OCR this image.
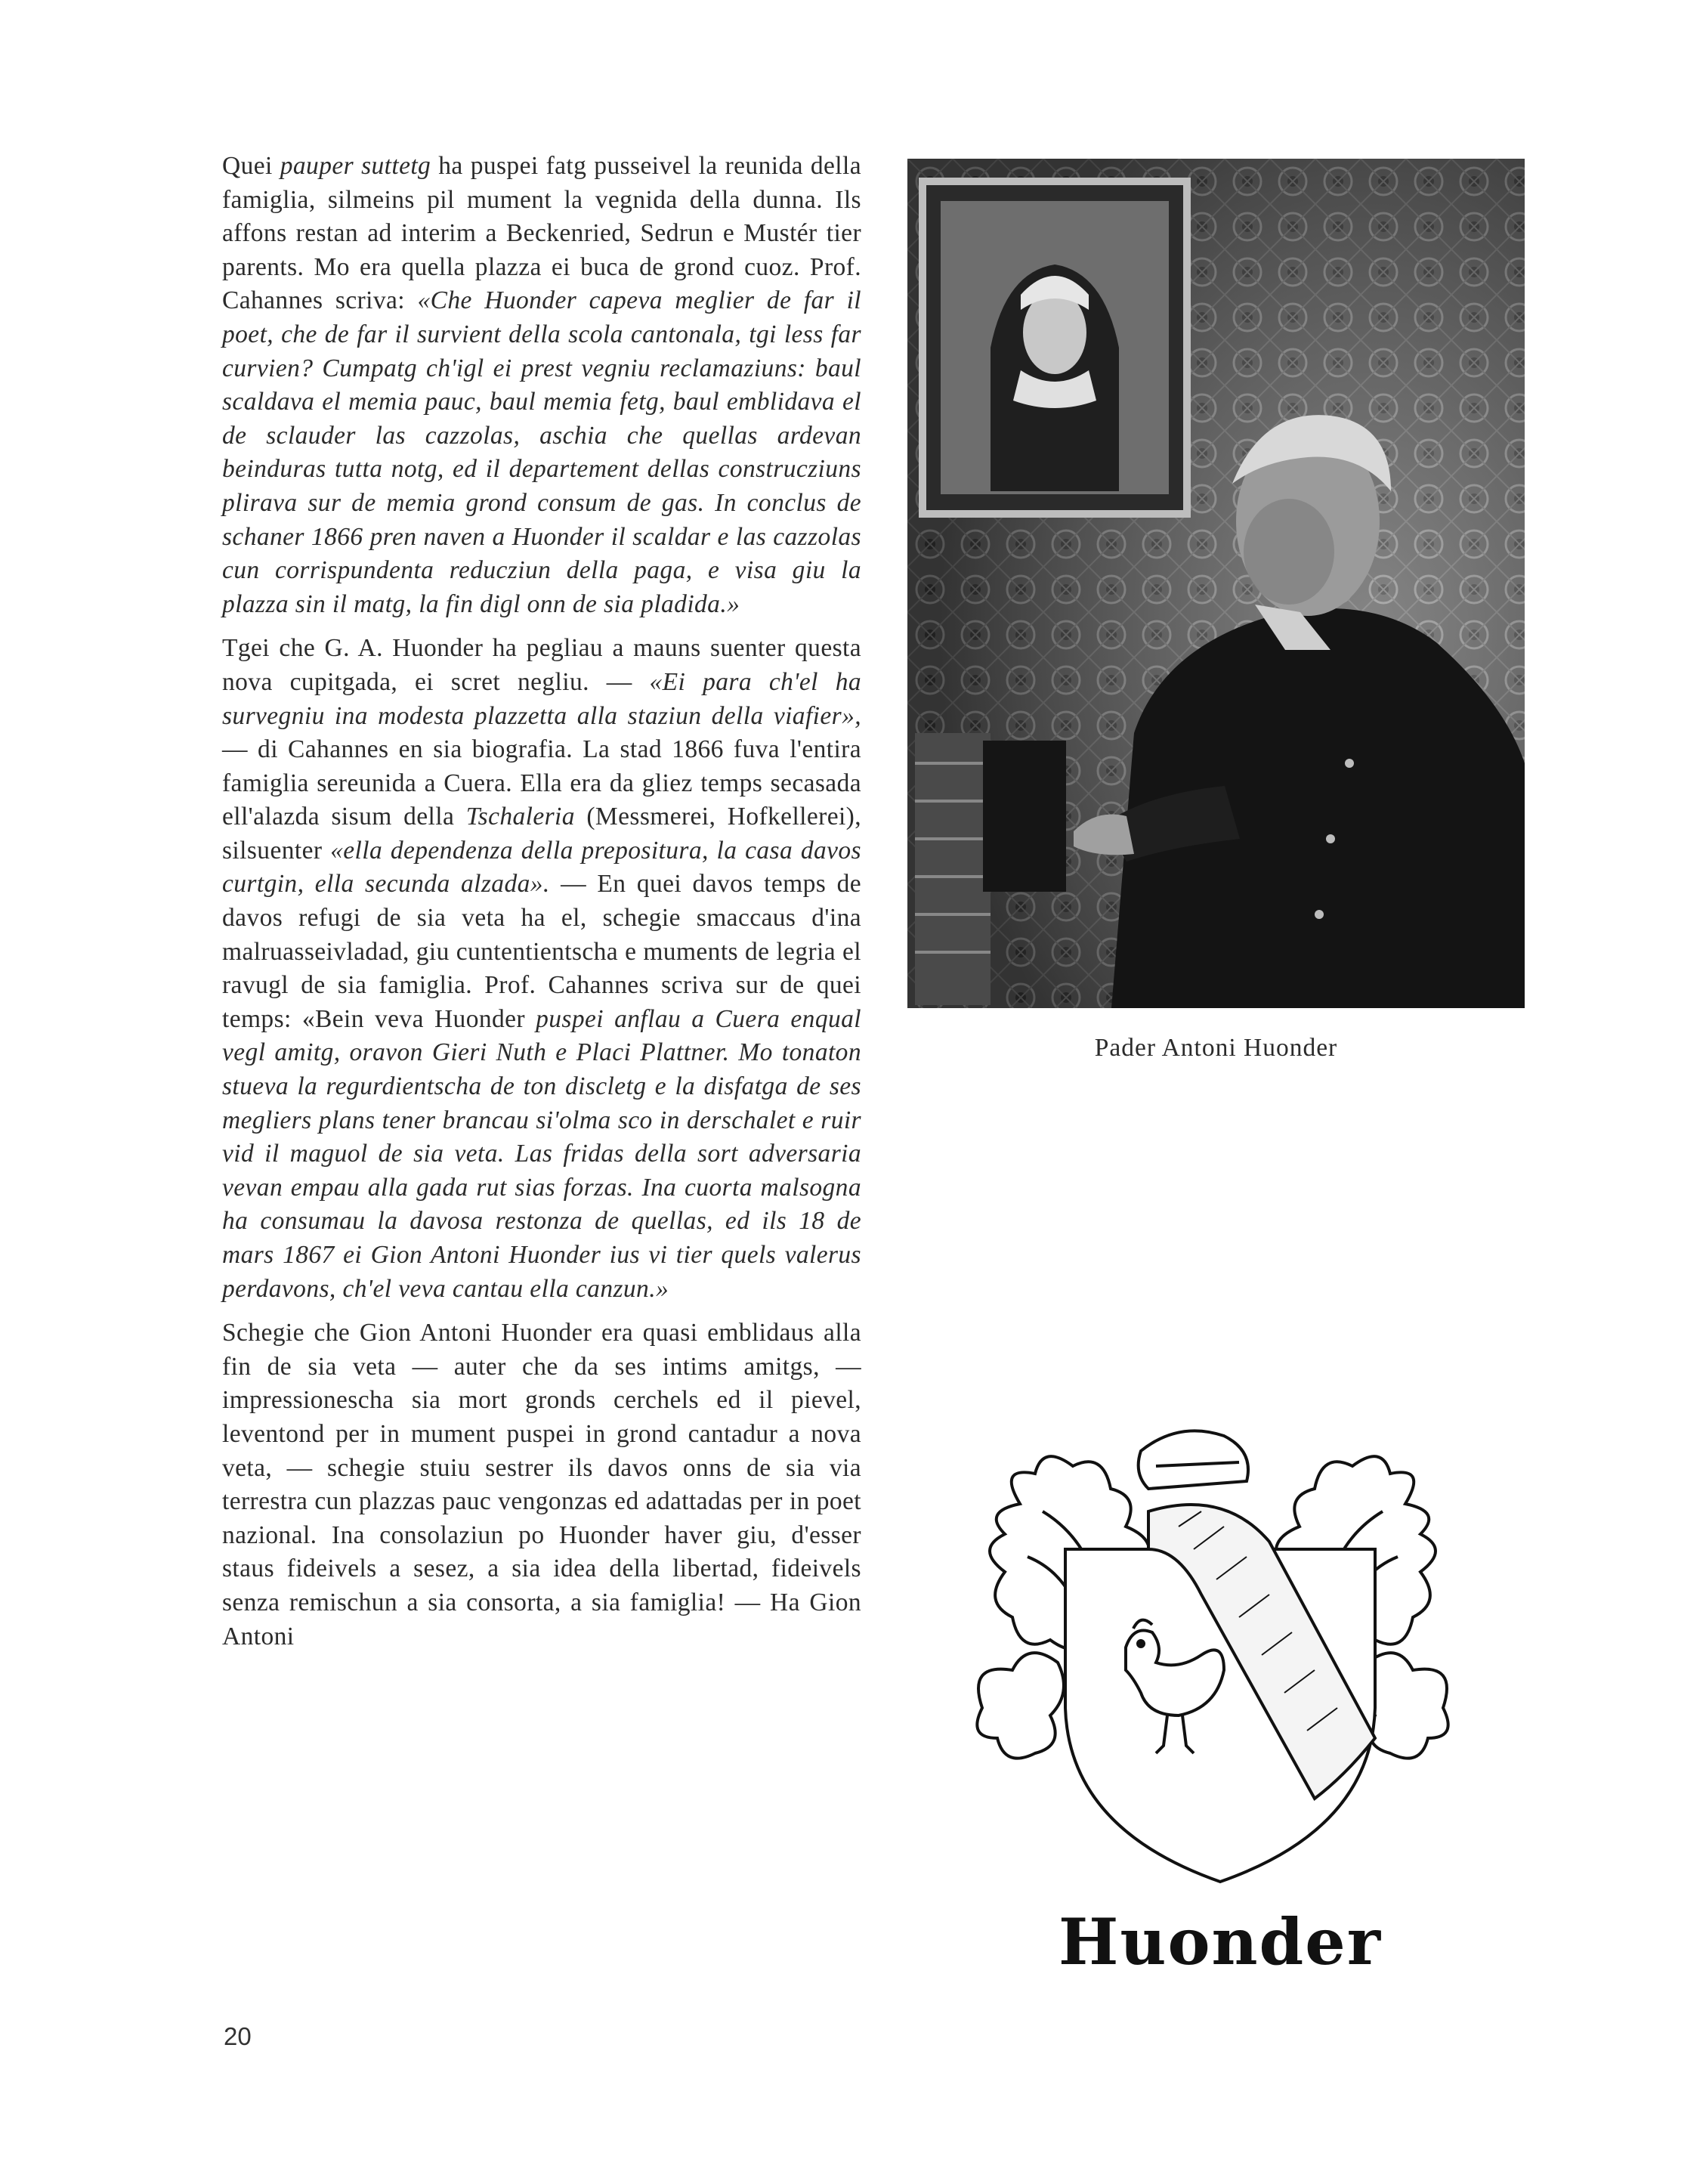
Quei pauper suttetg ha puspei fatg pusseivel la reunida della famiglia, silmeins pil mument la vegnida della dunna. Ils affons restan ad interim a Beckenried, Sedrun e Mustér tier parents. Mo era quella plazza ei buca de grond cuoz. Prof. Cahannes scriva: «Che Huonder capeva meglier de far il poet, che de far il survient della scola cantonala, tgi less far curvien? Cumpatg ch'igl ei prest vegniu reclamaziuns: baul scaldava el memia pauc, baul memia fetg, baul emblidava el de sclauder las cazzolas, aschia che quellas ardevan beinduras tutta notg, ed il departement dellas construcziuns plirava sur de memia grond consum de gas. In conclus de schaner 1866 pren naven a Huonder il scaldar e las cazzolas cun corrispundenta reducziun della paga, e visa giu la plazza sin il matg, la fin digl onn de sia pladida.»

Tgei che G. A. Huonder ha pegliau a mauns suenter questa nova cupitgada, ei scret negliu. — «Ei para ch'el ha survegniu ina modesta plazzetta alla staziun della viafier», — di Cahannes en sia biografia. La stad 1866 fuva l'entira famiglia sereunida a Cuera. Ella era da gliez temps secasada ell'alazda sisum della Tschaleria (Messmerei, Hofkellerei), silsuenter «ella dependenza della prepositura, la casa davos curtgin, ella secunda alzada». — En quei davos temps de davos refugi de sia veta ha el, schegie smaccaus d'ina malruasseivladad, giu cuntentientscha e muments de legria el ravugl de sia famiglia. Prof. Cahannes scriva sur de quei temps: «Bein veva Huonder puspei anflau a Cuera enqual vegl amitg, oravon Gieri Nuth e Placi Plattner. Mo tonaton stueva la regurdientscha de ton discletg e la disfatga de ses megliers plans tener brancau si'olma sco in derschalet e ruir vid il maguol de sia veta. Las fridas della sort adversaria vevan empau alla gada rut sias forzas. Ina cuorta malsogna ha consumau la davosa restonza de quellas, ed ils 18 de mars 1867 ei Gion Antoni Huonder ius vi tier quels valerus perdavons, ch'el veva cantau ella canzun.»

Schegie che Gion Antoni Huonder era quasi emblidaus alla fin de sia veta — auter che da ses intims amitgs, — impressionescha sia mort gronds cerchels ed il pievel, leventond per in mument puspei in grond cantadur a nova veta, — schegie stuiu sestrer ils davos onns de sia via terrestra cun plazzas pauc vengonzas ed adattadas per in poet nazional. Ina consolaziun po Huonder haver giu, d'esser staus fideivels a sesez, a sia idea della libertad, fideivels senza remischun a sia consorta, a sia famiglia! — Ha Gion Antoni

Pader Antoni Huonder
Huonder
20
